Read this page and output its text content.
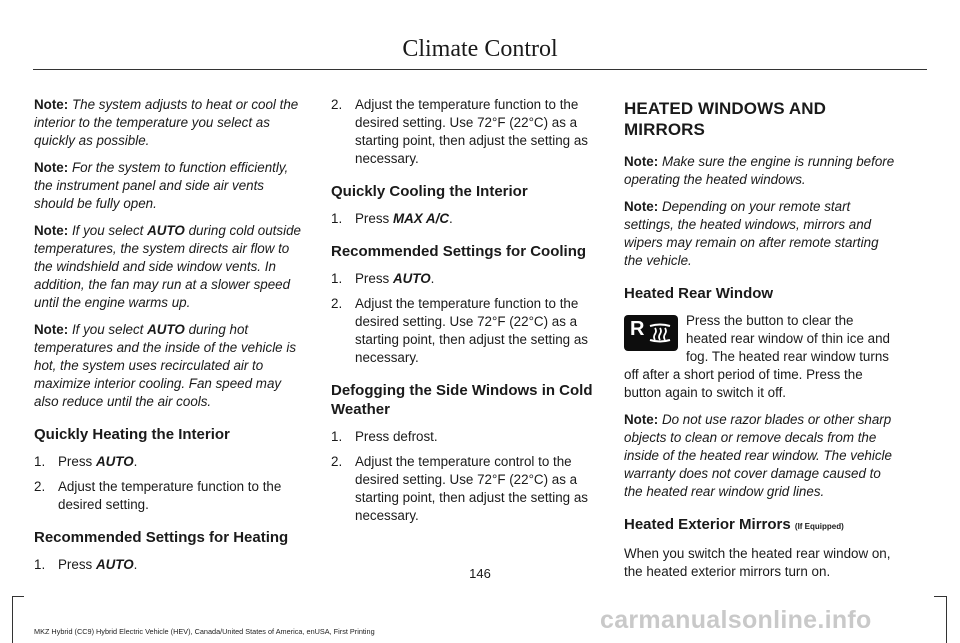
Climate Control

Note: The system adjusts to heat or cool the interior to the temperature you select as quickly as possible.

Note: For the system to function efficiently, the instrument panel and side air vents should be fully open.

Note: If you select AUTO during cold outside temperatures, the system directs air flow to the windshield and side window vents. In addition, the fan may run at a slower speed until the engine warms up.

Note: If you select AUTO during hot temperatures and the inside of the vehicle is hot, the system uses recirculated air to maximize interior cooling. Fan speed may also reduce until the air cools.

Quickly Heating the Interior
1. Press AUTO.
2. Adjust the temperature function to the desired setting.
Recommended Settings for Heating
1. Press AUTO.
2. Adjust the temperature function to the desired setting. Use 72°F (22°C) as a starting point, then adjust the setting as necessary.
Quickly Cooling the Interior
1. Press MAX A/C.
Recommended Settings for Cooling
1. Press AUTO.
2. Adjust the temperature function to the desired setting. Use 72°F (22°C) as a starting point, then adjust the setting as necessary.
Defogging the Side Windows in Cold Weather
1. Press defrost.
2. Adjust the temperature control to the desired setting. Use 72°F (22°C) as a starting point, then adjust the setting as necessary.
HEATED WINDOWS AND MIRRORS

Note: Make sure the engine is running before operating the heated windows.

Note: Depending on your remote start settings, the heated windows, mirrors and wipers may remain on after remote starting the vehicle.

Heated Rear Window

R	Press the button to clear the heated rear window of thin ice and fog. The heated rear window turns off after a short period of time. Press the button again to switch it off.

Note: Do not use razor blades or other sharp objects to clean or remove decals from the inside of the heated rear window. The vehicle warranty does not cover damage caused to the heated rear window grid lines.

Heated Exterior Mirrors (If Equipped)

When you switch the heated rear window on, the heated exterior mirrors turn on.

146
carmanualsonline.info
MKZ Hybrid (CC9) Hybrid Electric Vehicle (HEV), Canada/United States of America, enUSA, First Printing
